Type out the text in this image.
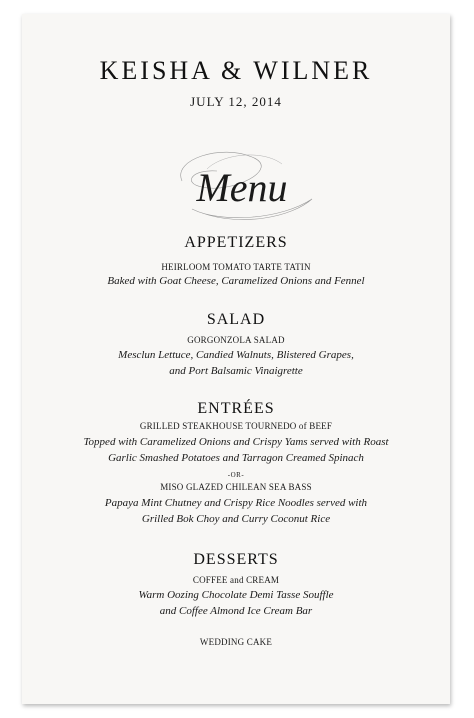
KEISHA & WILNER
JULY 12, 2014
Menu
APPETIZERS
HEIRLOOM TOMATO TARTE TATIN
Baked with Goat Cheese, Caramelized Onions and Fennel
SALAD
GORGONZOLA SALAD
Mesclun Lettuce, Candied Walnuts, Blistered Grapes,
and Port Balsamic Vinaigrette
ENTRÉES
GRILLED STEAKHOUSE TOURNEDO of BEEF
Topped with Caramelized Onions and Crispy Yams served with Roast
Garlic Smashed Potatoes and Tarragon Creamed Spinach
-OR-
MISO GLAZED CHILEAN SEA BASS
Papaya Mint Chutney and Crispy Rice Noodles served with
Grilled Bok Choy and Curry Coconut Rice
DESSERTS
COFFEE and CREAM
Warm Oozing Chocolate Demi Tasse Souffle
and Coffee Almond Ice Cream Bar
WEDDING CAKE
